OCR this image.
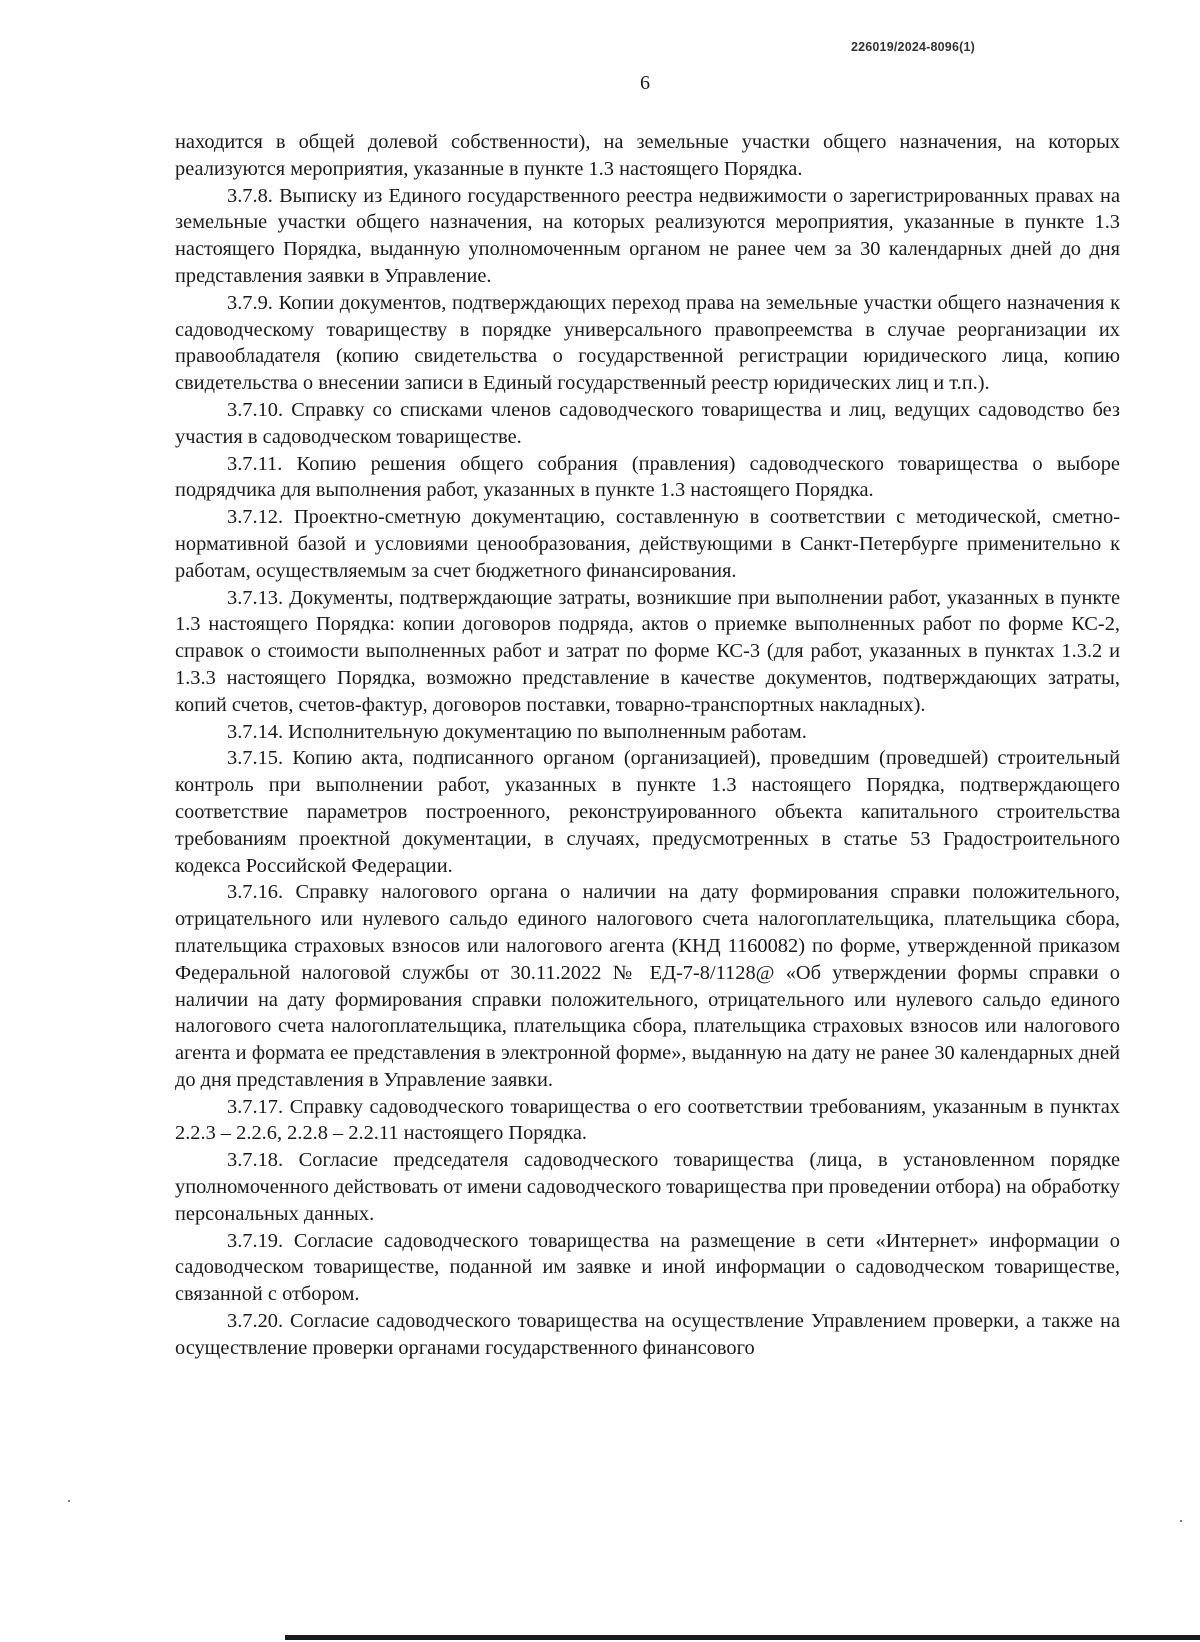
226019/2024-8096(1)
6

находится в общей долевой собственности), на земельные участки общего назначения, на которых реализуются мероприятия, указанные в пункте 1.3 настоящего Порядка.

3.7.8. Выписку из Единого государственного реестра недвижимости о зарегистрированных правах на земельные участки общего назначения, на которых реализуются мероприятия, указанные в пункте 1.3 настоящего Порядка, выданную уполномоченным органом не ранее чем за 30 календарных дней до дня представления заявки в Управление.

3.7.9. Копии документов, подтверждающих переход права на земельные участки общего назначения к садоводческому товариществу в порядке универсального правопреемства в случае реорганизации их правообладателя (копию свидетельства о государственной регистрации юридического лица, копию свидетельства о внесении записи в Единый государственный реестр юридических лиц и т.п.).

3.7.10. Справку со списками членов садоводческого товарищества и лиц, ведущих садоводство без участия в садоводческом товариществе.

3.7.11. Копию решения общего собрания (правления) садоводческого товарищества о выборе подрядчика для выполнения работ, указанных в пункте 1.3 настоящего Порядка.

3.7.12. Проектно-сметную документацию, составленную в соответствии с методической, сметно-нормативной базой и условиями ценообразования, действующими в Санкт-Петербурге применительно к работам, осуществляемым за счет бюджетного финансирования.

3.7.13. Документы, подтверждающие затраты, возникшие при выполнении работ, указанных в пункте 1.3 настоящего Порядка: копии договоров подряда, актов о приемке выполненных работ по форме КС-2, справок о стоимости выполненных работ и затрат по форме КС-3 (для работ, указанных в пунктах 1.3.2 и 1.3.3 настоящего Порядка, возможно представление в качестве документов, подтверждающих затраты, копий счетов, счетов-фактур, договоров поставки, товарно-транспортных накладных).

3.7.14. Исполнительную документацию по выполненным работам.

3.7.15. Копию акта, подписанного органом (организацией), проведшим (проведшей) строительный контроль при выполнении работ, указанных в пункте 1.3 настоящего Порядка, подтверждающего соответствие параметров построенного, реконструированного объекта капитального строительства требованиям проектной документации, в случаях, предусмотренных в статье 53 Градостроительного кодекса Российской Федерации.

3.7.16. Справку налогового органа о наличии на дату формирования справки положительного, отрицательного или нулевого сальдо единого налогового счета налогоплательщика, плательщика сбора, плательщика страховых взносов или налогового агента (КНД 1160082) по форме, утвержденной приказом Федеральной налоговой службы от 30.11.2022 № ЕД-7-8/1128@ «Об утверждении формы справки о наличии на дату формирования справки положительного, отрицательного или нулевого сальдо единого налогового счета налогоплательщика, плательщика сбора, плательщика страховых взносов или налогового агента и формата ее представления в электронной форме», выданную на дату не ранее 30 календарных дней до дня представления в Управление заявки.

3.7.17. Справку садоводческого товарищества о его соответствии требованиям, указанным в пунктах 2.2.3 – 2.2.6, 2.2.8 – 2.2.11 настоящего Порядка.

3.7.18. Согласие председателя садоводческого товарищества (лица, в установленном порядке уполномоченного действовать от имени садоводческого товарищества при проведении отбора) на обработку персональных данных.

3.7.19. Согласие садоводческого товарищества на размещение в сети «Интернет» информации о садоводческом товариществе, поданной им заявке и иной информации о садоводческом товариществе, связанной с отбором.

3.7.20. Согласие садоводческого товарищества на осуществление Управлением проверки, а также на осуществление проверки органами государственного финансового
